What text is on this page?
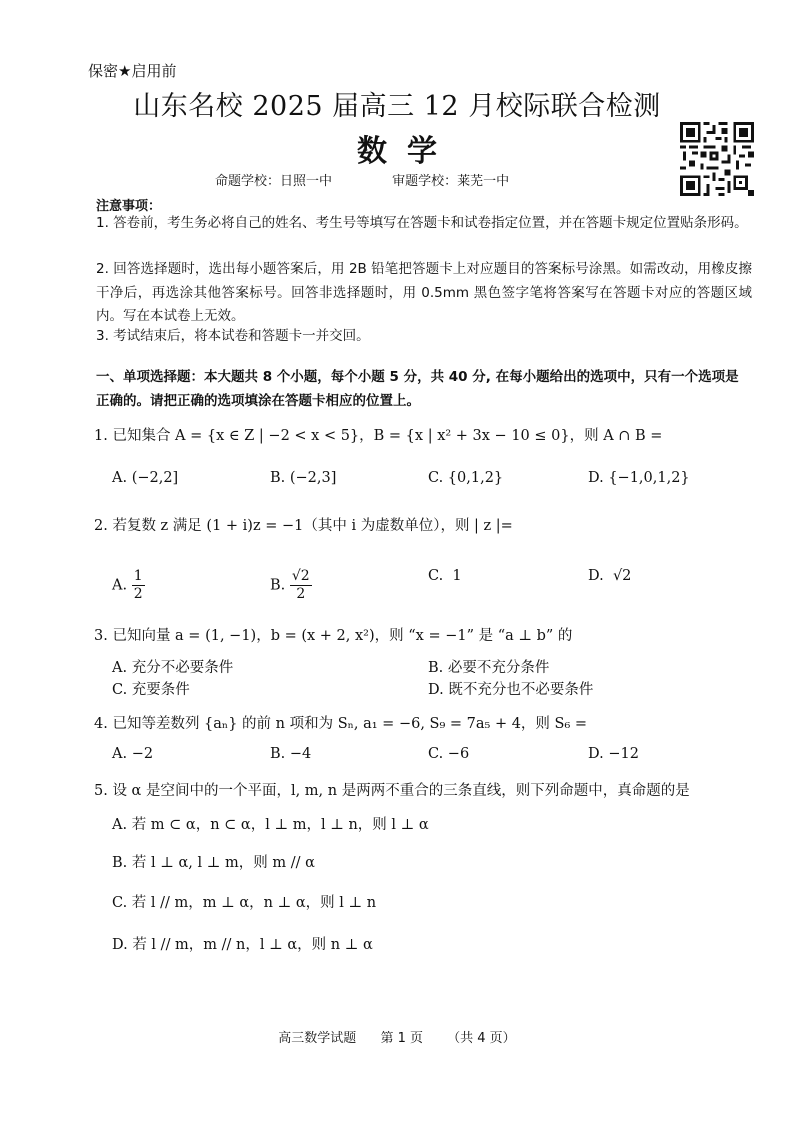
保密★启用前
山东名校 2025 届高三 12 月校际联合检测
数学
命题学校：日照一中	审题学校：莱芜一中
注意事项：
1. 答卷前，考生务必将自己的姓名、考生号等填写在答题卡和试卷指定位置，并在答题卡规定位置贴条形码。
2. 回答选择题时，选出每小题答案后，用 2B 铅笔把答题卡上对应题目的答案标号涂黑。如需改动，用橡皮擦干净后，再选涂其他答案标号。回答非选择题时，用 0.5mm 黑色签字笔将答案写在答题卡对应的答题区域内。写在本试卷上无效。
3. 考试结束后，将本试卷和答题卡一并交回。
一、单项选择题：本大题共 8 个小题，每个小题 5 分，共 40 分, 在每小题给出的选项中，只有一个选项是正确的。请把正确的选项填涂在答题卡相应的位置上。
1. 已知集合 A = {x ∈ Z | −2 < x < 5}，B = {x | x² + 3x − 10 ≤ 0}，则 A ∩ B =
A. (−2,2]	B. (−2,3]	C. {0,1,2}	D. {−1,0,1,2}
2. 若复数 z 满足 (1 + i)z = −1（其中 i 为虚数单位），则 | z |=
A. $\frac{1}{2}$	B. $\frac{√2}{2}$	C. 1	D. √2
3. 已知向量 a = (1, −1)，b = (x + 2, x²)，则 “x = −1” 是 “a ⊥ b” 的
A. 充分不必要条件	B. 必要不充分条件
C. 充要条件	D. 既不充分也不必要条件
4. 已知等差数列 {aₙ} 的前 n 项和为 Sₙ, a₁ = −6, S₉ = 7a₅ + 4，则 S₆ =
A. −2	B. −4	C. −6	D. −12
5. 设 α 是空间中的一个平面，l, m, n 是两两不重合的三条直线，则下列命题中，真命题的是
A. 若 m ⊂ α，n ⊂ α，l ⊥ m，l ⊥ n，则 l ⊥ α
B. 若 l ⊥ α, l ⊥ m，则 m // α
C. 若 l // m，m ⊥ α，n ⊥ α，则 l ⊥ n
D. 若 l // m，m // n，l ⊥ α，则 n ⊥ α
高三数学试题 第 1 页 （共 4 页）
